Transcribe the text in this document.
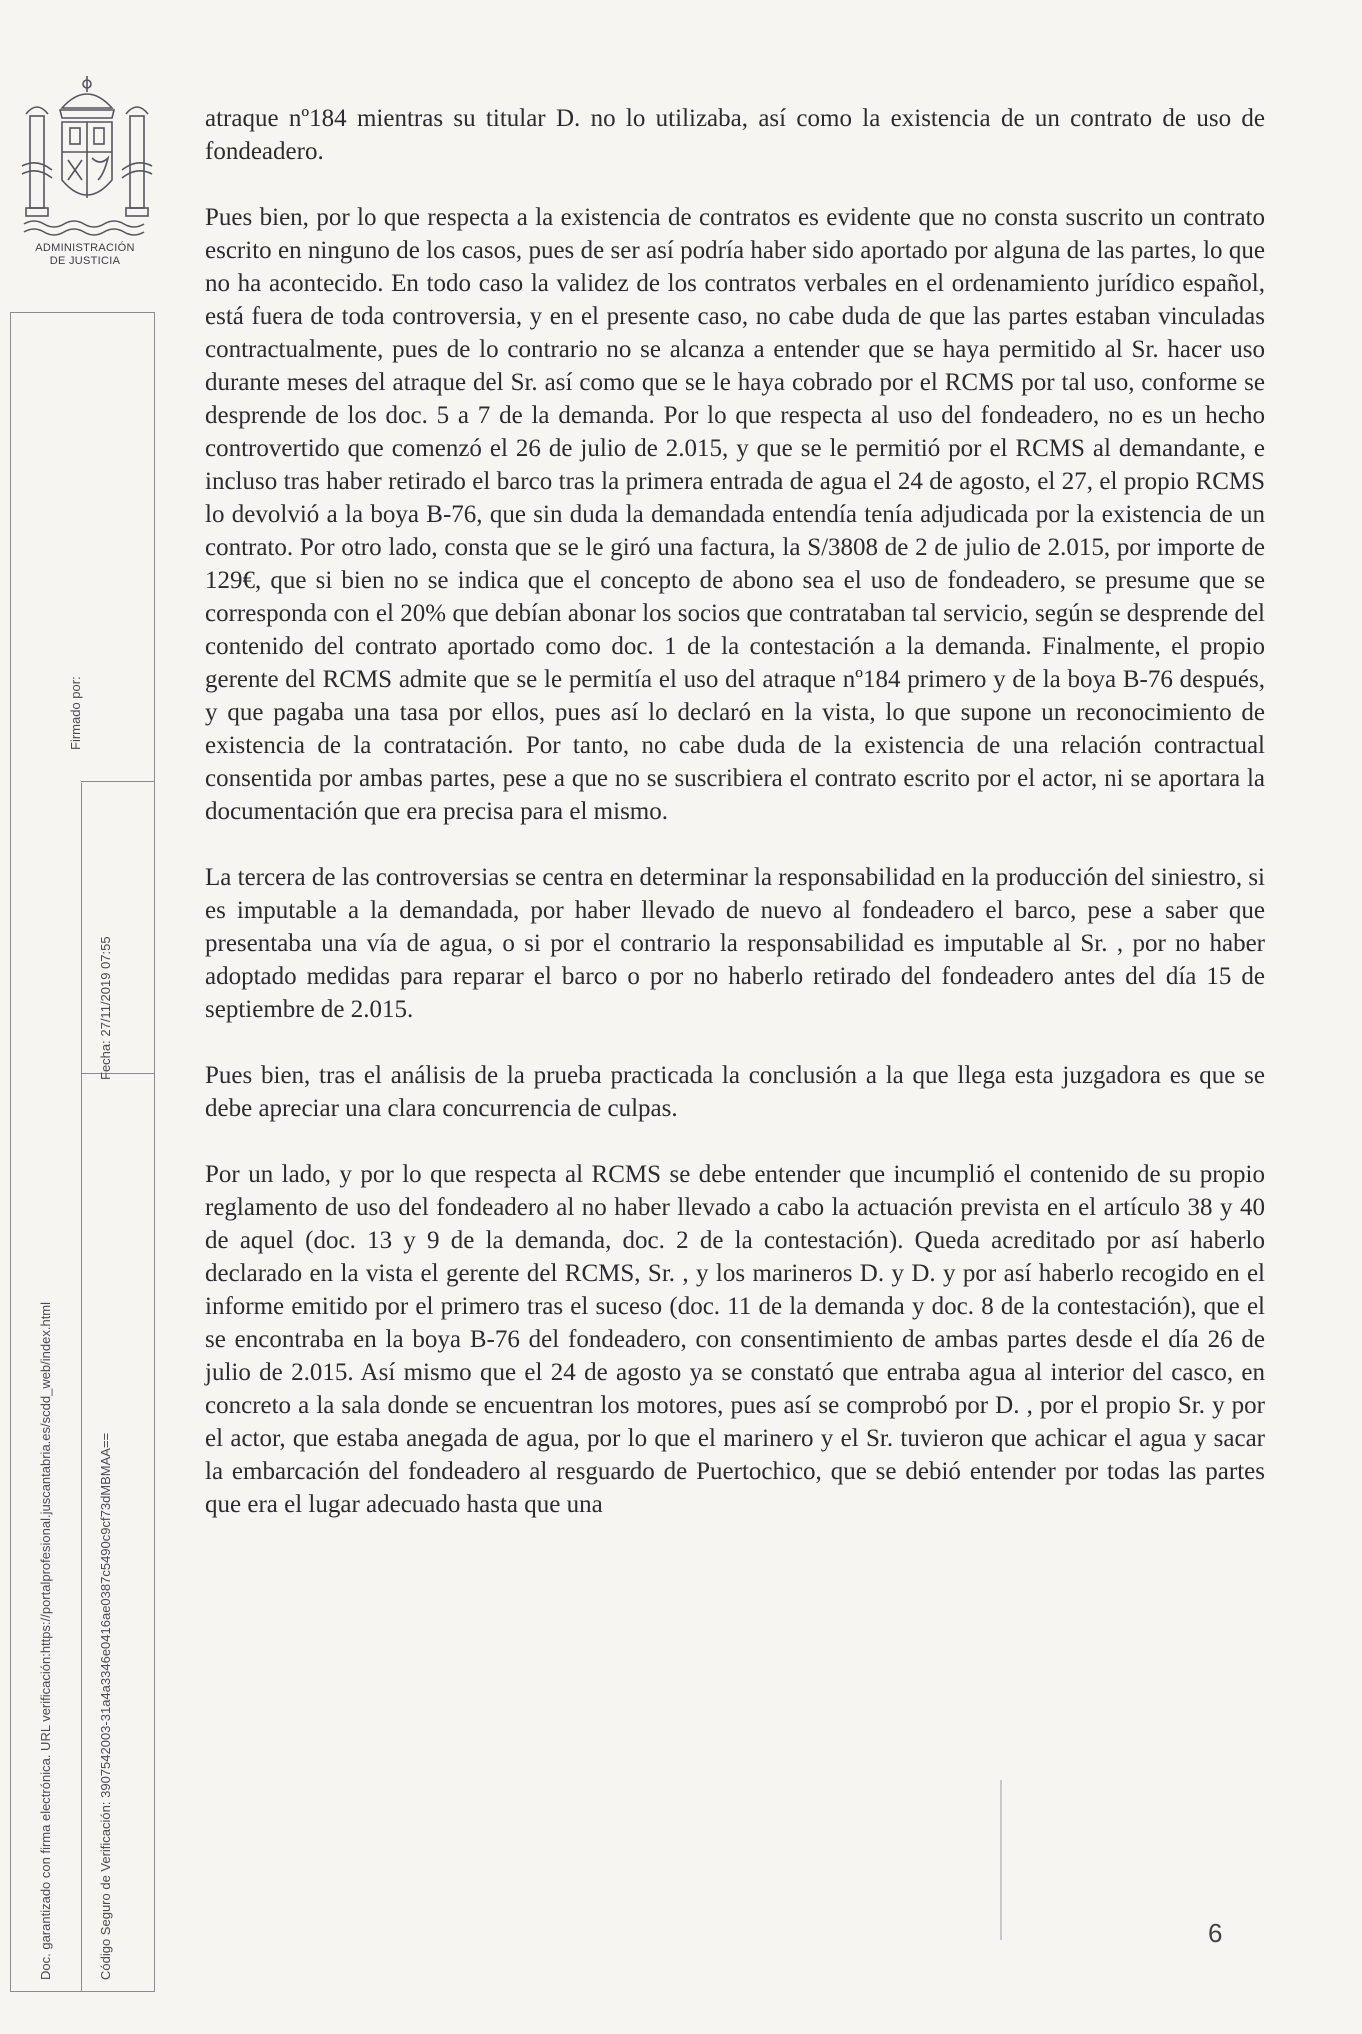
ADMINISTRACIÓN
DE JUSTICIA
Firmado por:
Fecha: 27/11/2019 07:55
Doc. garantizado con firma electrónica. URL verificación:https://portalprofesional.juscantabria.es/scdd_web/index.html	Código Seguro de Verificación: 3907542003-31a4a3346e0416ae0387c5490c9cf73dMBMAA==

atraque nº184 mientras su titular D. no lo utilizaba, así como la existencia de un contrato de uso de fondeadero.

Pues bien, por lo que respecta a la existencia de contratos es evidente que no consta suscrito un contrato escrito en ninguno de los casos, pues de ser así podría haber sido aportado por alguna de las partes, lo que no ha acontecido. En todo caso la validez de los contratos verbales en el ordenamiento jurídico español, está fuera de toda controversia, y en el presente caso, no cabe duda de que las partes estaban vinculadas contractualmente, pues de lo contrario no se alcanza a entender que se haya permitido al Sr. hacer uso durante meses del atraque del Sr. así como que se le haya cobrado por el RCMS por tal uso, conforme se desprende de los doc. 5 a 7 de la demanda. Por lo que respecta al uso del fondeadero, no es un hecho controvertido que comenzó el 26 de julio de 2.015, y que se le permitió por el RCMS al demandante, e incluso tras haber retirado el barco tras la primera entrada de agua el 24 de agosto, el 27, el propio RCMS lo devolvió a la boya B-76, que sin duda la demandada entendía tenía adjudicada por la existencia de un contrato. Por otro lado, consta que se le giró una factura, la S/3808 de 2 de julio de 2.015, por importe de 129€, que si bien no se indica que el concepto de abono sea el uso de fondeadero, se presume que se corresponda con el 20% que debían abonar los socios que contrataban tal servicio, según se desprende del contenido del contrato aportado como doc. 1 de la contestación a la demanda. Finalmente, el propio gerente del RCMS admite que se le permitía el uso del atraque nº184 primero y de la boya B-76 después, y que pagaba una tasa por ellos, pues así lo declaró en la vista, lo que supone un reconocimiento de existencia de la contratación. Por tanto, no cabe duda de la existencia de una relación contractual consentida por ambas partes, pese a que no se suscribiera el contrato escrito por el actor, ni se aportara la documentación que era precisa para el mismo.

La tercera de las controversias se centra en determinar la responsabilidad en la producción del siniestro, si es imputable a la demandada, por haber llevado de nuevo al fondeadero el barco, pese a saber que presentaba una vía de agua, o si por el contrario la responsabilidad es imputable al Sr. , por no haber adoptado medidas para reparar el barco o por no haberlo retirado del fondeadero antes del día 15 de septiembre de 2.015.

Pues bien, tras el análisis de la prueba practicada la conclusión a la que llega esta juzgadora es que se debe apreciar una clara concurrencia de culpas.

Por un lado, y por lo que respecta al RCMS se debe entender que incumplió el contenido de su propio reglamento de uso del fondeadero al no haber llevado a cabo la actuación prevista en el artículo 38 y 40 de aquel (doc. 13 y 9 de la demanda, doc. 2 de la contestación). Queda acreditado por así haberlo declarado en la vista el gerente del RCMS, Sr. , y los marineros D. y D. y por así haberlo recogido en el informe emitido por el primero tras el suceso (doc. 11 de la demanda y doc. 8 de la contestación), que el se encontraba en la boya B-76 del fondeadero, con consentimiento de ambas partes desde el día 26 de julio de 2.015. Así mismo que el 24 de agosto ya se constató que entraba agua al interior del casco, en concreto a la sala donde se encuentran los motores, pues así se comprobó por D. , por el propio Sr. y por el actor, que estaba anegada de agua, por lo que el marinero y el Sr. tuvieron que achicar el agua y sacar la embarcación del fondeadero al resguardo de Puertochico, que se debió entender por todas las partes que era el lugar adecuado hasta que una

6
